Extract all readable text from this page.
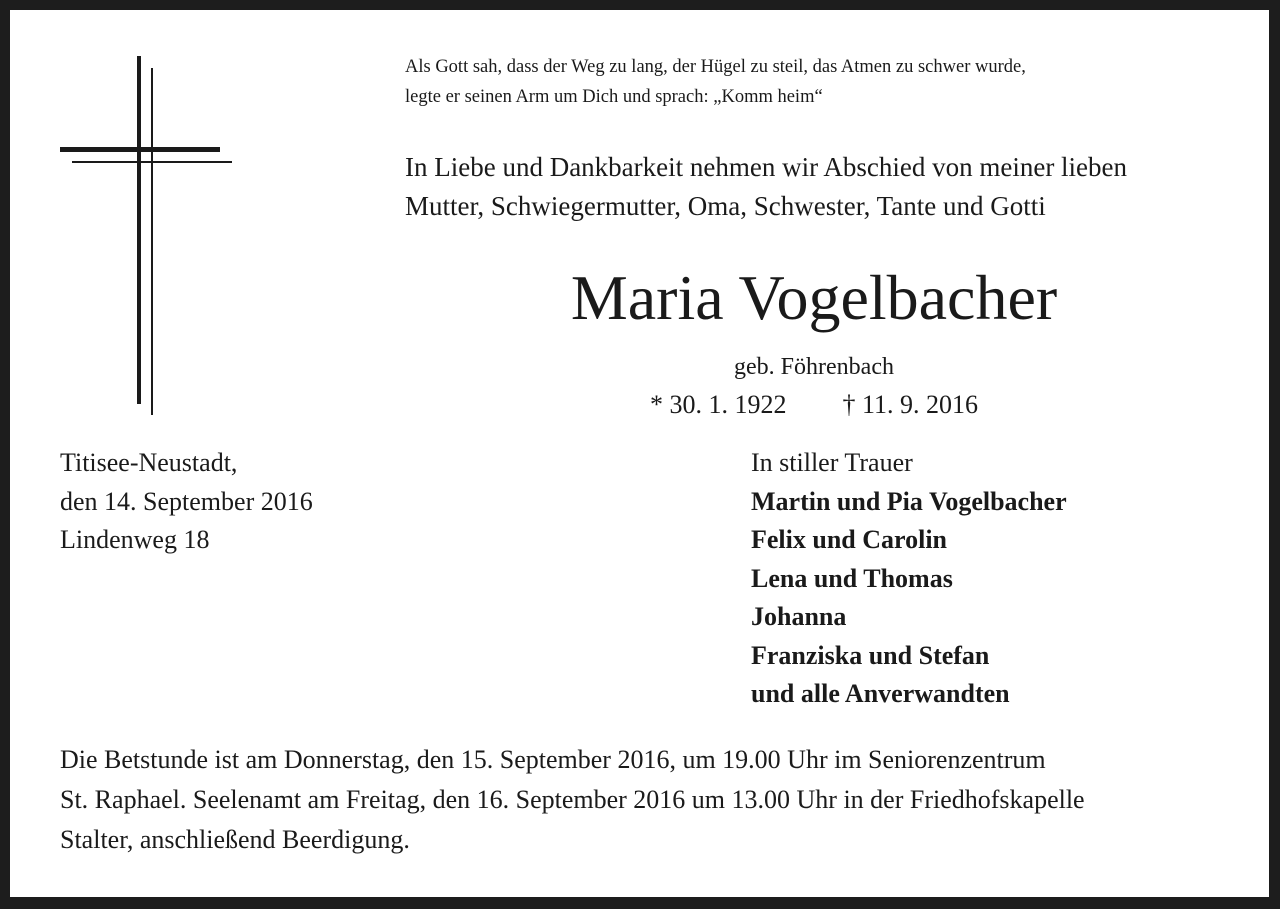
Als Gott sah, dass der Weg zu lang, der Hügel zu steil, das Atmen zu schwer wurde,
legte er seinen Arm um Dich und sprach: „Komm heim“
In Liebe und Dankbarkeit nehmen wir Abschied von meiner lieben
Mutter, Schwiegermutter, Oma, Schwester, Tante und Gotti
Maria Vogelbacher
geb. Föhrenbach
* 30. 1. 1922 † 11. 9. 2016
Titisee-Neustadt,
den 14. September 2016
Lindenweg 18
In stiller Trauer
Martin und Pia Vogelbacher
Felix und Carolin
Lena und Thomas
Johanna
Franziska und Stefan
und alle Anverwandten
Die Betstunde ist am Donnerstag, den 15. September 2016, um 19.00 Uhr im Seniorenzentrum
St. Raphael. Seelenamt am Freitag, den 16. September 2016 um 13.00 Uhr in der Friedhofskapelle
Stalter, anschließend Beerdigung.
